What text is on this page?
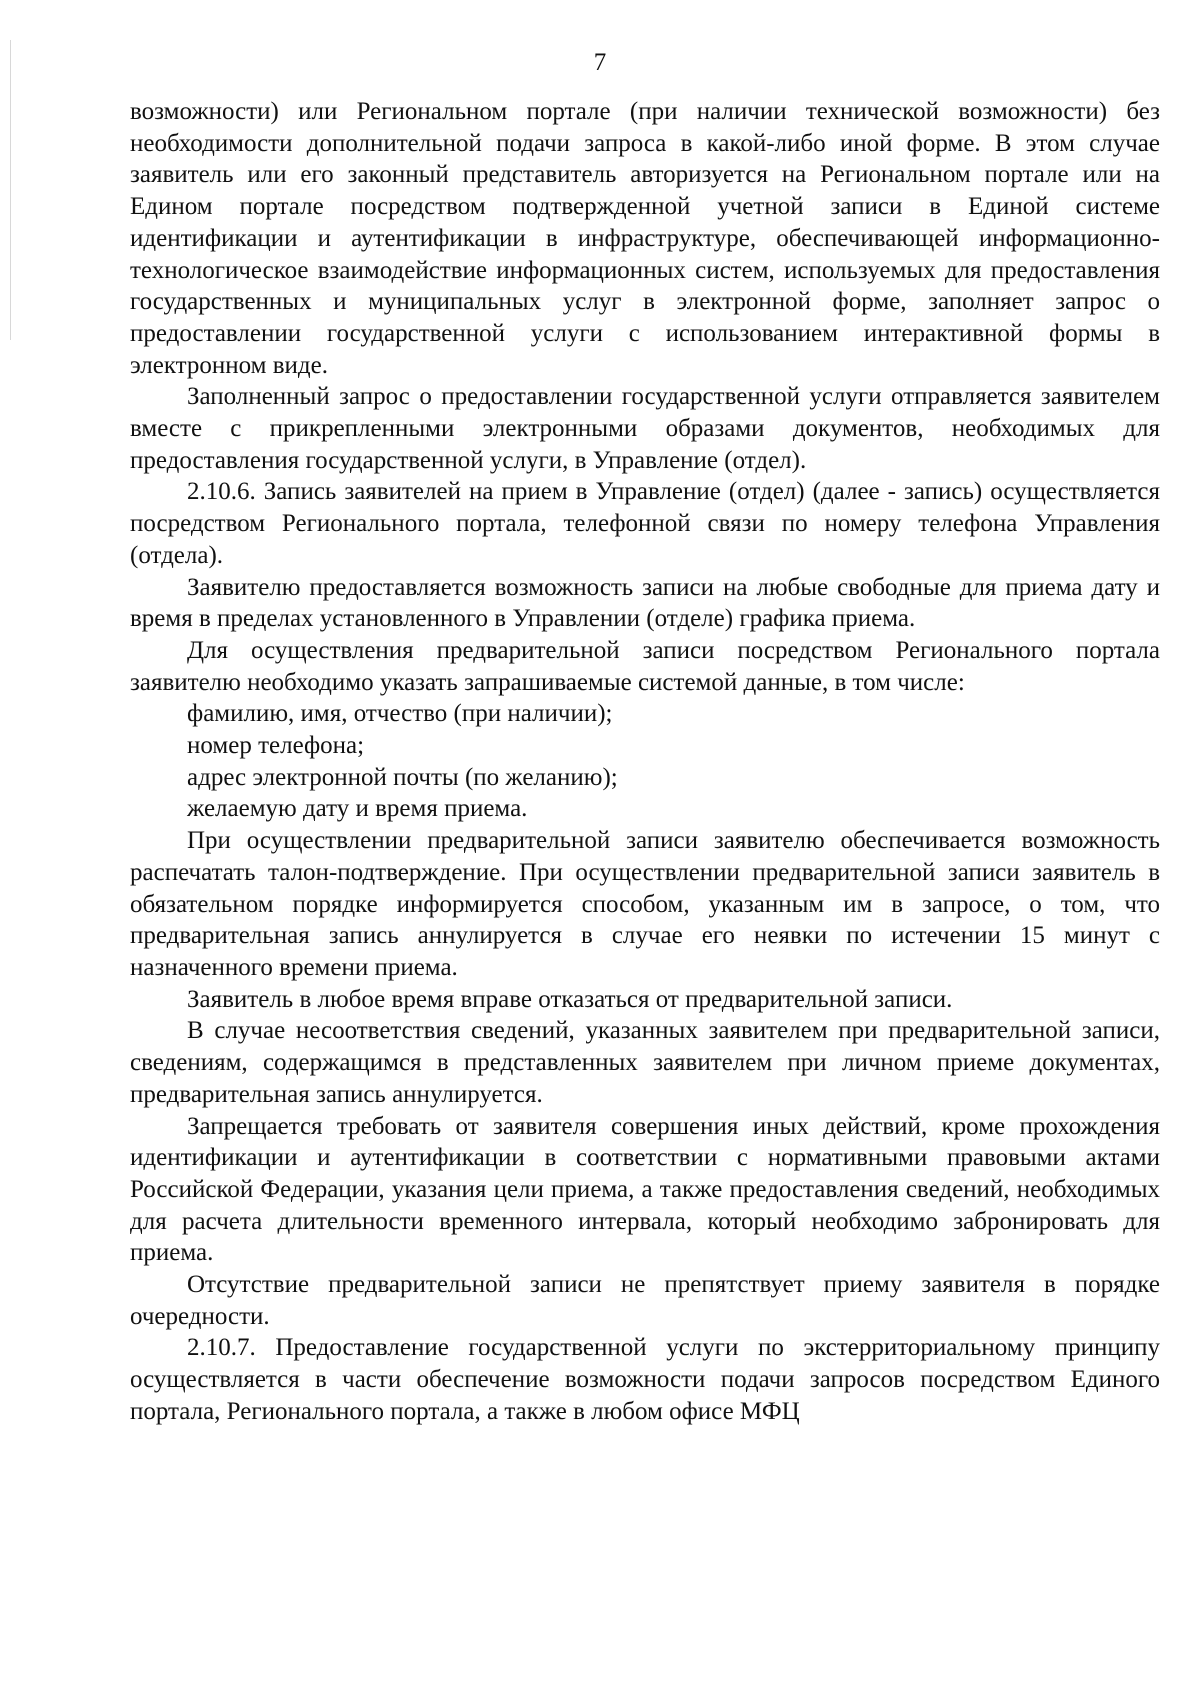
7

возможности) или Региональном портале (при наличии технической возможности) без необходимости дополнительной подачи запроса в какой-либо иной форме. В этом случае заявитель или его законный представитель авторизуется на Региональном портале или на Едином портале посредством подтвержденной учетной записи в Единой системе идентификации и аутентификации в инфраструктуре, обеспечивающей информационно-технологическое взаимодействие информационных систем, используемых для предоставления государственных и муниципальных услуг в электронной форме, заполняет запрос о предоставлении государственной услуги с использованием интерактивной формы в электронном виде.

Заполненный запрос о предоставлении государственной услуги отправляется заявителем вместе с прикрепленными электронными образами документов, необходимых для предоставления государственной услуги, в Управление (отдел).

2.10.6. Запись заявителей на прием в Управление (отдел) (далее - запись) осуществляется посредством Регионального портала, телефонной связи по номеру телефона Управления (отдела).

Заявителю предоставляется возможность записи на любые свободные для приема дату и время в пределах установленного в Управлении (отделе) графика приема.

Для осуществления предварительной записи посредством Регионального портала заявителю необходимо указать запрашиваемые системой данные, в том числе:

фамилию, имя, отчество (при наличии);

номер телефона;

адрес электронной почты (по желанию);

желаемую дату и время приема.

При осуществлении предварительной записи заявителю обеспечивается возможность распечатать талон-подтверждение. При осуществлении предварительной записи заявитель в обязательном порядке информируется способом, указанным им в запросе, о том, что предварительная запись аннулируется в случае его неявки по истечении 15 минут с назначенного времени приема.

Заявитель в любое время вправе отказаться от предварительной записи.

В случае несоответствия сведений, указанных заявителем при предварительной записи, сведениям, содержащимся в представленных заявителем при личном приеме документах, предварительная запись аннулируется.

Запрещается требовать от заявителя совершения иных действий, кроме прохождения идентификации и аутентификации в соответствии с нормативными правовыми актами Российской Федерации, указания цели приема, а также предоставления сведений, необходимых для расчета длительности временного интервала, который необходимо забронировать для приема.

Отсутствие предварительной записи не препятствует приему заявителя в порядке очередности.

2.10.7. Предоставление государственной услуги по экстерриториальному принципу осуществляется в части обеспечение возможности подачи запросов посредством Единого портала, Регионального портала, а также в любом офисе МФЦ
